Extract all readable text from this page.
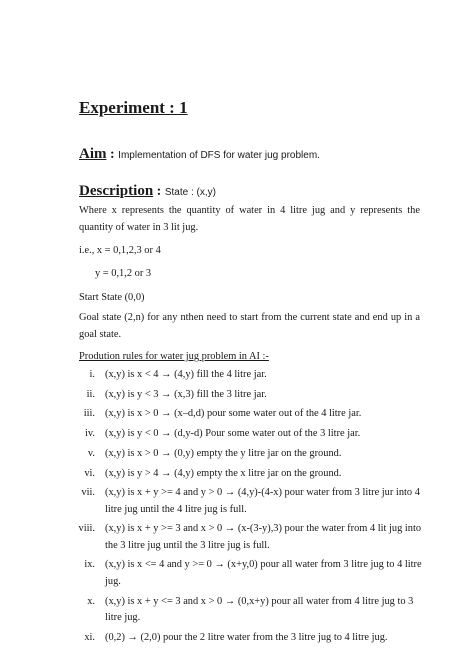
Experiment : 1
Aim : Implementation of DFS for water jug problem.
Description : State : (x,y)
Where x represents the quantity of water in 4 litre jug and y represents the quantity of water in 3 lit jug.
i.e., x = 0,1,2,3 or 4
y = 0,1,2 or 3
Start State (0,0)
Goal state (2,n) for any nthen need to start from the current state and end up in a goal state.
Prodution rules for water jug problem in AI :-
i. (x,y) is x < 4 → (4,y) fill the 4 litre jar.
ii. (x,y) is y < 3 → (x,3) fill the 3 litre jar.
iii. (x,y) is x > 0 → (x–d,d) pour some water out of the 4 litre jar.
iv. (x,y) is y < 0 → (d,y-d) Pour some water out of the 3 litre jar.
v. (x,y) is x > 0 → (0,y) empty the y litre jar on the ground.
vi. (x,y) is y > 4 → (4,y) empty the x litre jar on the ground.
vii. (x,y) is x + y >= 4 and y > 0 → (4,y)-(4-x) pour water from 3 litre jur into 4 litre jug until the 4 litre jug is full.
viii. (x,y) is x + y >= 3 and x > 0 → (x-(3-y),3) pour the water from 4 lit jug into the 3 litre jug until the 3 litre jug is full.
ix. (x,y) is x <= 4 and y >= 0 → (x+y,0) pour all water from 3 litre jug to 4 litre jug.
x. (x,y) is x + y <= 3 and x > 0 → (0,x+y) pour all water from 4 litre jug to 3 litre jug.
xi. (0,2) → (2,0) pour the 2 litre water from the 3 litre jug to 4 litre jug.
